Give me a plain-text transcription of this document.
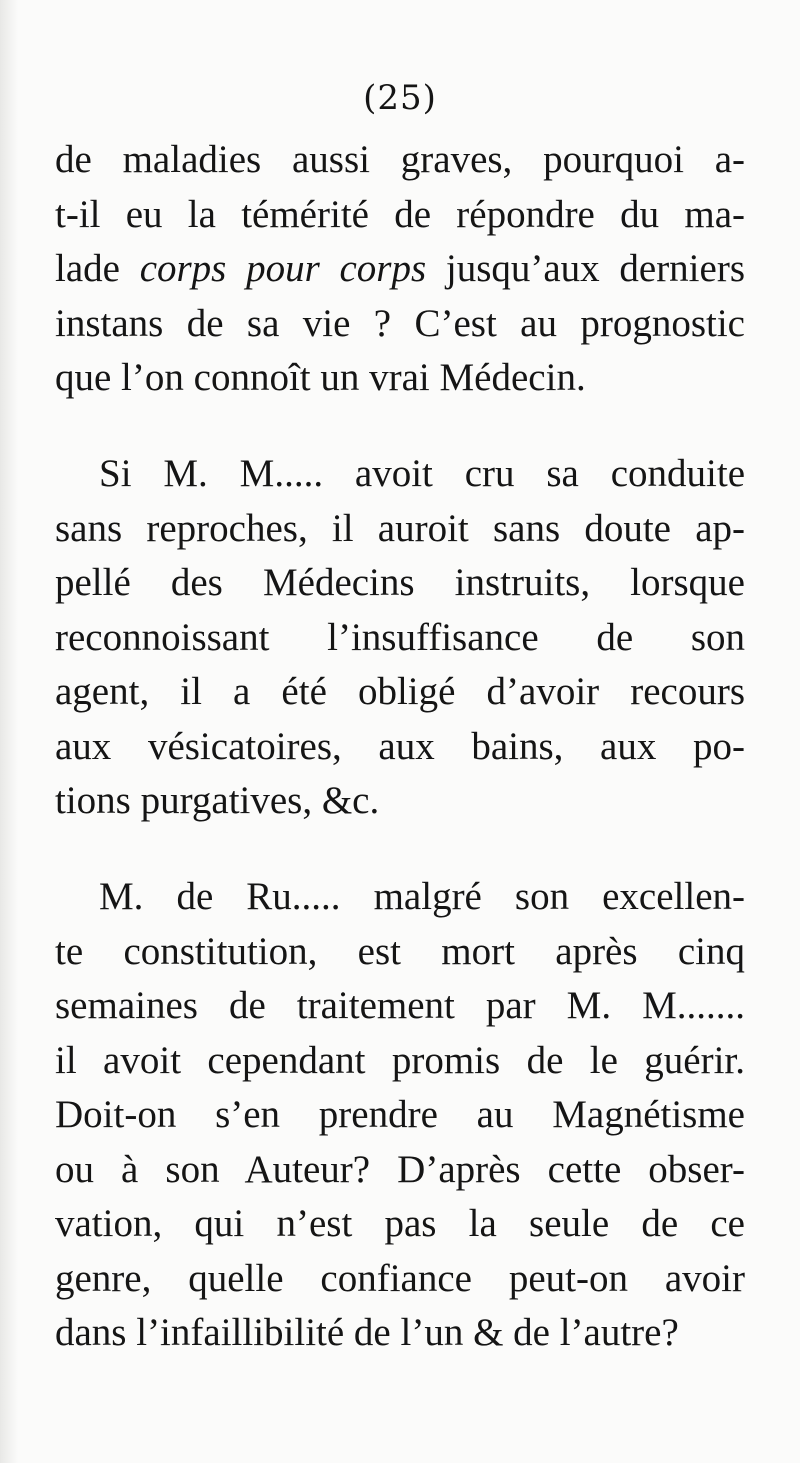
(25)
de maladies aussi graves, pourquoi a-
t-il eu la témérité de répondre du ma-
lade corps pour corps jusqu’aux derniers
instans de sa vie ? C’est au prognostic
que l’on connoît un vrai Médecin.
Si M. M..... avoit cru sa conduite
sans reproches, il auroit sans doute ap-
pellé des Médecins instruits, lorsque
reconnoissant l’insuffisance de son
agent, il a été obligé d’avoir recours
aux vésicatoires, aux bains, aux po-
tions purgatives, &c.
M. de Ru..... malgré son excellen-
te constitution, est mort après cinq
semaines de traitement par M. M.......
il avoit cependant promis de le guérir.
Doit-on s’en prendre au Magnétisme
ou à son Auteur? D’après cette obser-
vation, qui n’est pas la seule de ce
genre, quelle confiance peut-on avoir
dans l’infaillibilité de l’un & de l’autre?
